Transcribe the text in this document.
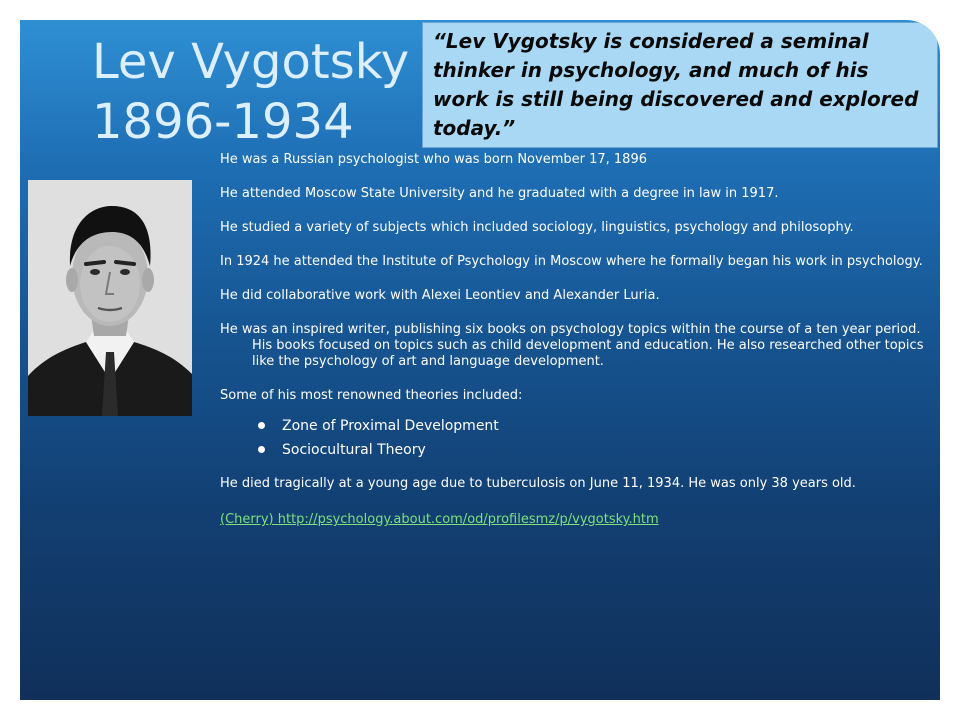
Lev Vygotsky
1896-1934
“Lev Vygotsky is considered a seminal thinker in psychology, and much of his work is still being discovered and explored today.”

He was a Russian psychologist who was born November 17, 1896

He attended Moscow State University and he graduated with a degree in law in 1917.

He studied a variety of subjects which included sociology, linguistics, psychology and philosophy.

In 1924 he attended the Institute of Psychology in Moscow where he formally began his work in psychology.

He did collaborative work with Alexei Leontiev and Alexander Luria.

He was an inspired writer, publishing six books on psychology topics within the course of a ten year period. His books focused on topics such as child development and education. He also researched other topics like the psychology of art and language development.

Some of his most renowned theories included:

Zone of Proximal Development
Sociocultural Theory

He died tragically at a young age due to tuberculosis on June 11, 1934. He was only 38 years old.

(Cherry) http://psychology.about.com/od/profilesmz/p/vygotsky.htm
